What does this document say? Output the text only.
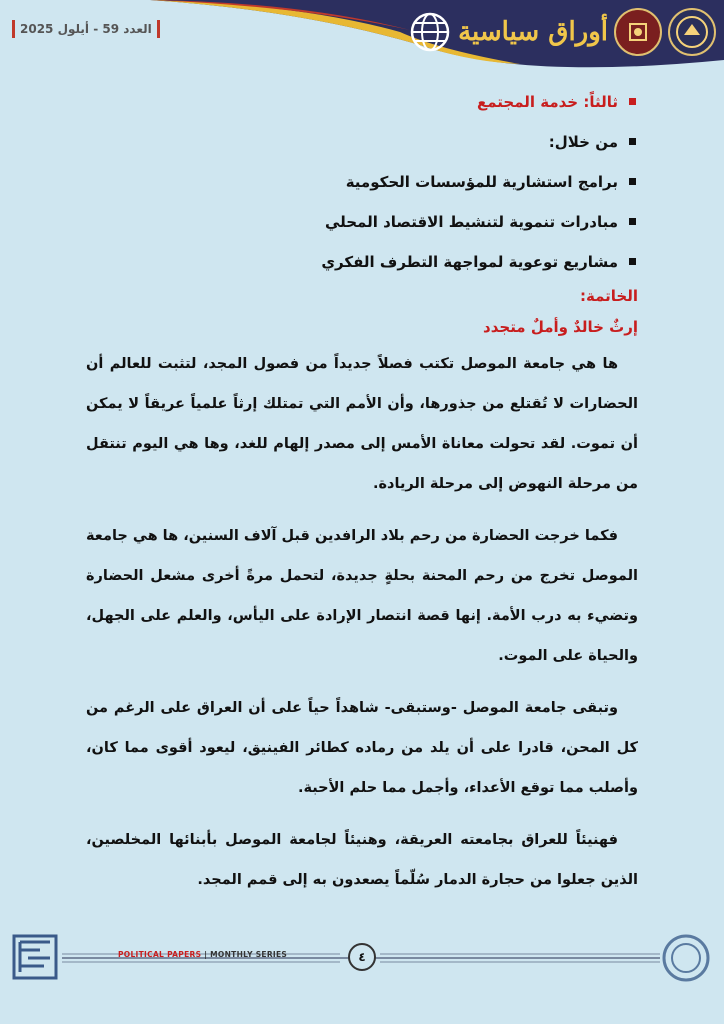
العدد 59 - أيلول 2025	أوراق سياسية
ثالثاً: خدمة المجتمع
من خلال:
برامج استشارية للمؤسسات الحكومية
مبادرات تنموية لتنشيط الاقتصاد المحلي
مشاريع توعوية لمواجهة التطرف الفكري
الخاتمة:
إرثٌ خالدٌ وأملٌ متجدد

ها هي جامعة الموصل تكتب فصلاً جديداً من فصول المجد، لتثبت للعالم أن الحضارات لا تُقتلع من جذورها، وأن الأمم التي تمتلك إرثاً علمياً عريقاً لا يمكن أن تموت. لقد تحولت معاناة الأمس إلى مصدر إلهام للغد، وها هي اليوم تنتقل من مرحلة النهوض إلى مرحلة الريادة.

فكما خرجت الحضارة من رحم بلاد الرافدين قبل آلاف السنين، ها هي جامعة الموصل تخرج من رحم المحنة بحلةٍ جديدة، لتحمل مرةً أخرى مشعل الحضارة وتضيء به درب الأمة. إنها قصة انتصار الإرادة على اليأس، والعلم على الجهل، والحياة على الموت.

وتبقى جامعة الموصل -وستبقى- شاهداً حياً على أن العراق على الرغم من كل المحن، قادرا على أن يلد من رماده كطائر الفينيق، ليعود أقوى مما كان، وأصلب مما توقع الأعداء، وأجمل مما حلم الأحبة.

فهنيئاً للعراق بجامعته العريقة، وهنيئاً لجامعة الموصل بأبنائها المخلصين، الذين جعلوا من حجارة الدمار سُلّماً يصعدون به إلى قمم المجد.

POLITICAL PAPERS | MONTHLY SERIES	٤
